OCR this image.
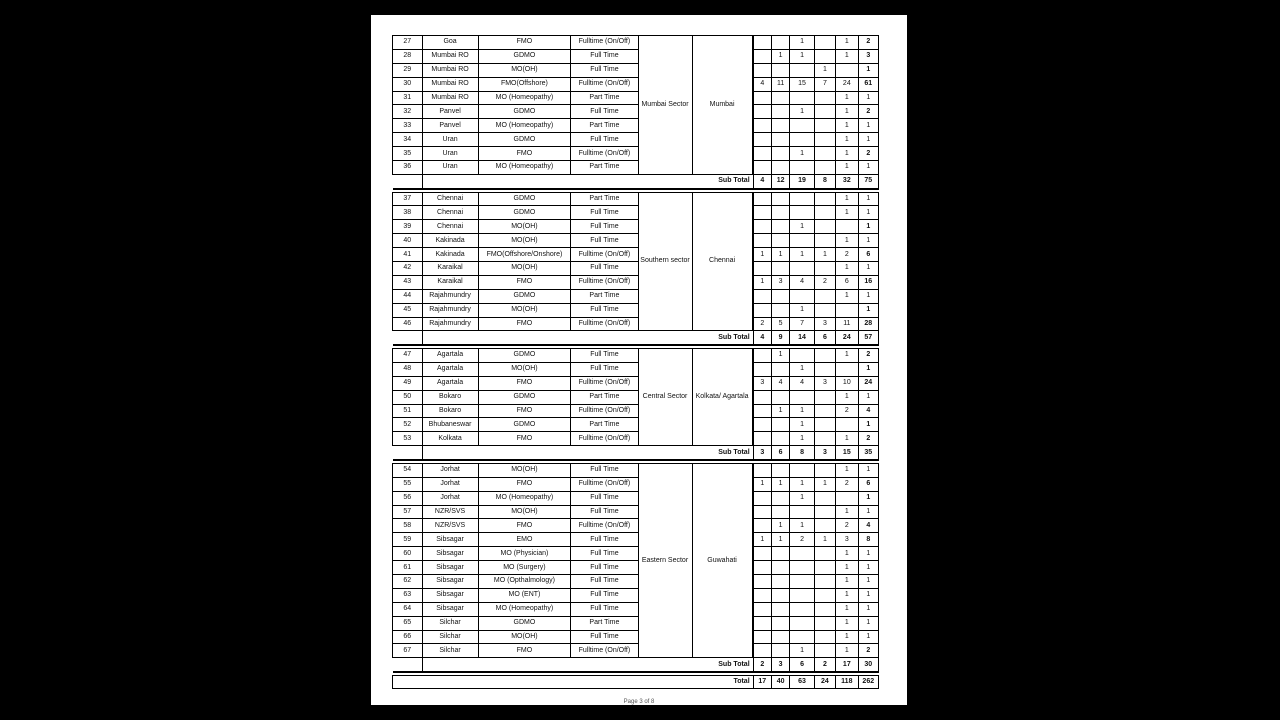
27	Goa	FMO	Fulltime (On/Off)	Mumbai Sector	Mumbai				1		1	2
28	Mumbai RO	GDMO	Full Time				1	1		1	3
29	Mumbai RO	MO(OH)	Full Time						1		1
30	Mumbai RO	FMO(Offshore)	Fulltime (On/Off)			4	11	15	7	24	61
31	Mumbai RO	MO (Homeopathy)	Part Time							1	1
32	Panvel	GDMO	Full Time					1		1	2
33	Panvel	MO (Homeopathy)	Part Time							1	1
34	Uran	GDMO	Full Time							1	1
35	Uran	FMO	Fulltime (On/Off)					1		1	2
36	Uran	MO (Homeopathy)	Part Time							1	1
	Sub Total					4	12	19	8	32	75

37	Chennai	GDMO	Part Time	Southern sector	Chennai						1	1
38	Chennai	GDMO	Full Time							1	1
39	Chennai	MO(OH)	Full Time					1			1
40	Kakinada	MO(OH)	Full Time							1	1
41	Kakinada	FMO(Offshore/Onshore)	Fulltime (On/Off)			1	1	1	1	2	6
42	Karaikal	MO(OH)	Full Time							1	1
43	Karaikal	FMO	Fulltime (On/Off)			1	3	4	2	6	16
44	Rajahmundry	GDMO	Part Time							1	1
45	Rajahmundry	MO(OH)	Full Time					1			1
46	Rajahmundry	FMO	Fulltime (On/Off)			2	5	7	3	11	28
	Sub Total					4	9	14	6	24	57

47	Agartala	GDMO	Full Time	Central Sector	Kolkata/ Agartala			1			1	2
48	Agartala	MO(OH)	Full Time					1			1
49	Agartala	FMO	Fulltime (On/Off)			3	4	4	3	10	24
50	Bokaro	GDMO	Part Time							1	1
51	Bokaro	FMO	Fulltime (On/Off)				1	1		2	4
52	Bhubaneswar	GDMO	Part Time					1			1
53	Kolkata	FMO	Fulltime (On/Off)					1		1	2
	Sub Total					3	6	8	3	15	35

54	Jorhat	MO(OH)	Full Time	Eastern Sector	Guwahati						1	1
55	Jorhat	FMO	Fulltime (On/Off)			1	1	1	1	2	6
56	Jorhat	MO (Homeopathy)	Full Time					1			1
57	NZR/SVS	MO(OH)	Full Time							1	1
58	NZR/SVS	FMO	Fulltime (On/Off)				1	1		2	4
59	Sibsagar	EMO	Full Time			1	1	2	1	3	8
60	Sibsagar	MO (Physician)	Full Time							1	1
61	Sibsagar	MO (Surgery)	Full Time							1	1
62	Sibsagar	MO (Opthalmology)	Full Time							1	1
63	Sibsagar	MO (ENT)	Full Time							1	1
64	Sibsagar	MO (Homeopathy)	Full Time							1	1
65	Silchar	GDMO	Part Time							1	1
66	Silchar	MO(OH)	Full Time							1	1
67	Silchar	FMO	Fulltime (On/Off)					1		1	2
	Sub Total					2	3	6	2	17	30

Total						17	40	63	24	118	262
Page 3 of 8
